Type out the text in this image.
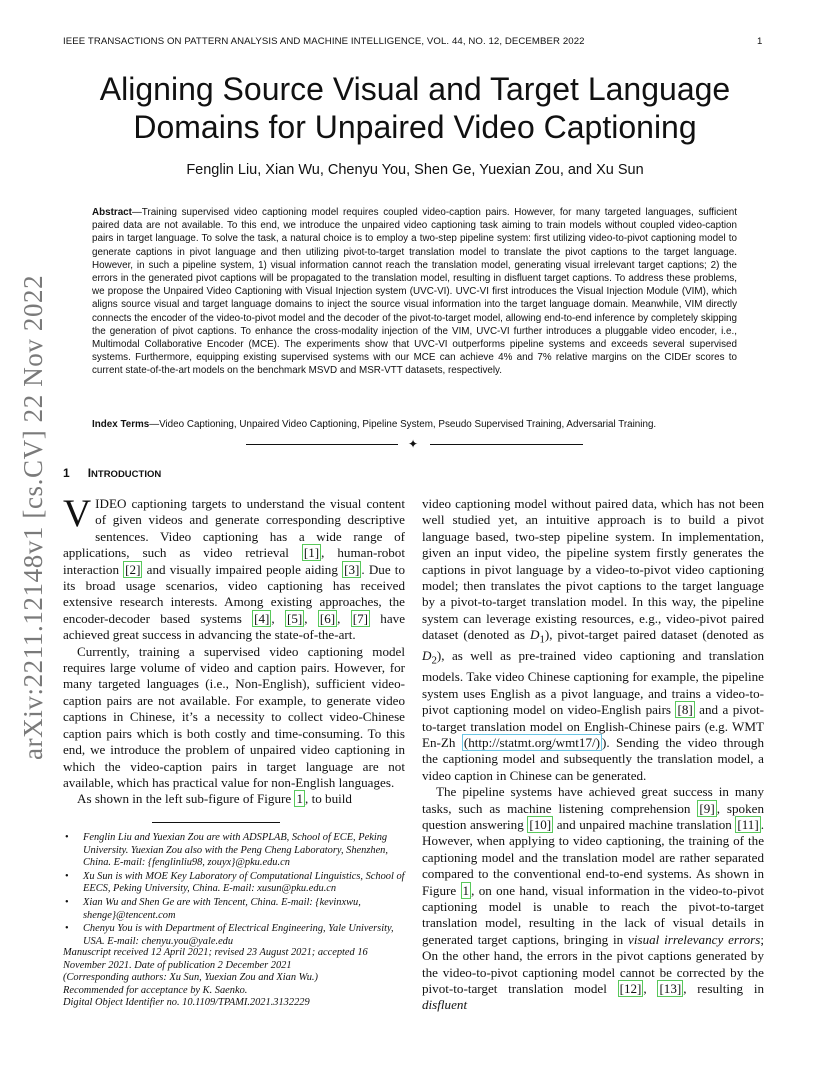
IEEE TRANSACTIONS ON PATTERN ANALYSIS AND MACHINE INTELLIGENCE, VOL. 44, NO. 12, DECEMBER 2022	1
Aligning Source Visual and Target Language
Domains for Unpaired Video Captioning
Fenglin Liu, Xian Wu, Chenyu You, Shen Ge, Yuexian Zou, and Xu Sun
arXiv:2211.12148v1 [cs.CV] 22 Nov 2022

Abstract—Training supervised video captioning model requires coupled video-caption pairs. However, for many targeted languages, sufficient paired data are not available. To this end, we introduce the unpaired video captioning task aiming to train models without coupled video-caption pairs in target language. To solve the task, a natural choice is to employ a two-step pipeline system: first utilizing video-to-pivot captioning model to generate captions in pivot language and then utilizing pivot-to-target translation model to translate the pivot captions to the target language. However, in such a pipeline system, 1) visual information cannot reach the translation model, generating visual irrelevant target captions; 2) the errors in the generated pivot captions will be propagated to the translation model, resulting in disfluent target captions. To address these problems, we propose the Unpaired Video Captioning with Visual Injection system (UVC-VI). UVC-VI first introduces the Visual Injection Module (VIM), which aligns source visual and target language domains to inject the source visual information into the target language domain. Meanwhile, VIM directly connects the encoder of the video-to-pivot model and the decoder of the pivot-to-target model, allowing end-to-end inference by completely skipping the generation of pivot captions. To enhance the cross-modality injection of the VIM, UVC-VI further introduces a pluggable video encoder, i.e., Multimodal Collaborative Encoder (MCE). The experiments show that UVC-VI outperforms pipeline systems and exceeds several supervised systems. Furthermore, equipping existing supervised systems with our MCE can achieve 4% and 7% relative margins on the CIDEr scores to current state-of-the-art models on the benchmark MSVD and MSR-VTT datasets, respectively.

Index Terms—Video Captioning, Unpaired Video Captioning, Pipeline System, Pseudo Supervised Training, Adversarial Training.

✦
1 INTRODUCTION

VIDEO captioning targets to understand the visual content of given videos and generate corresponding descriptive sentences. Video captioning has a wide range of applications, such as video retrieval [1] , human-robot interaction [2] and visually impaired people aiding [3] . Due to its broad usage scenarios, video captioning has received extensive research interests. Among existing approaches, the encoder-decoder based systems [4] , [5] , [6] , [7] have achieved great success in advancing the state-of-the-art.

Currently, training a supervised video captioning model requires large volume of video and caption pairs. However, for many targeted languages (i.e., Non-English), sufficient video-caption pairs are not available. For example, to generate video captions in Chinese, it’s a necessity to collect video-Chinese caption pairs which is both costly and time-consuming. To this end, we introduce the problem of unpaired video captioning in which the video-caption pairs in target language are not available, which has practical value for non-English languages.

As shown in the left sub-figure of Figure 1 , to build

• Fenglin Liu and Yuexian Zou are with ADSPLAB, School of ECE, Peking University. Yuexian Zou also with the Peng Cheng Laboratory, Shenzhen, China. E-mail: {fenglinliu98, zouyx}@pku.edu.cn
• Xu Sun is with MOE Key Laboratory of Computational Linguistics, School of EECS, Peking University, China. E-mail: xusun@pku.edu.cn
• Xian Wu and Shen Ge are with Tencent, China. E-mail: {kevinxwu, shenge}@tencent.com
• Chenyu You is with Department of Electrical Engineering, Yale University, USA. E-mail: chenyu.you@yale.edu
Manuscript received 12 April 2021; revised 23 August 2021; accepted 16
November 2021. Date of publication 2 December 2021
(Corresponding authors: Xu Sun, Yuexian Zou and Xian Wu.)
Recommended for acceptance by K. Saenko.
Digital Object Identifier no. 10.1109/TPAMI.2021.3132229

video captioning model without paired data, which has not been well studied yet, an intuitive approach is to build a pivot language based, two-step pipeline system. In implementation, given an input video, the pipeline system firstly generates the captions in pivot language by a video-to-pivot video captioning model; then translates the pivot captions to the target language by a pivot-to-target translation model. In this way, the pipeline system can leverage existing resources, e.g., video-pivot paired dataset (denoted as $D_1$), pivot-target paired dataset (denoted as $D_2$), as well as pre-trained video captioning and translation models. Take video Chinese captioning for example, the pipeline system uses English as a pivot language, and trains a video-to-pivot captioning model on video-English pairs [8] and a pivot-to-target translation model on English-Chinese pairs (e.g. WMT En-Zh (http://statmt.org/wmt17/) ). Sending the video through the captioning model and subsequently the translation model, a video caption in Chinese can be generated.

The pipeline systems have achieved great success in many tasks, such as machine listening comprehension [9] , spoken question answering [10] and unpaired machine translation [11] . However, when applying to video captioning, the training of the captioning model and the translation model are rather separated compared to the conventional end-to-end systems. As shown in Figure 1 , on one hand, visual information in the video-to-pivot captioning model is unable to reach the pivot-to-target translation model, resulting in the lack of visual details in generated target captions, bringing in visual irrelevancy errors; On the other hand, the errors in the pivot captions generated by the video-to-pivot captioning model cannot be corrected by the pivot-to-target translation model [12] , [13] , resulting in disfluent
